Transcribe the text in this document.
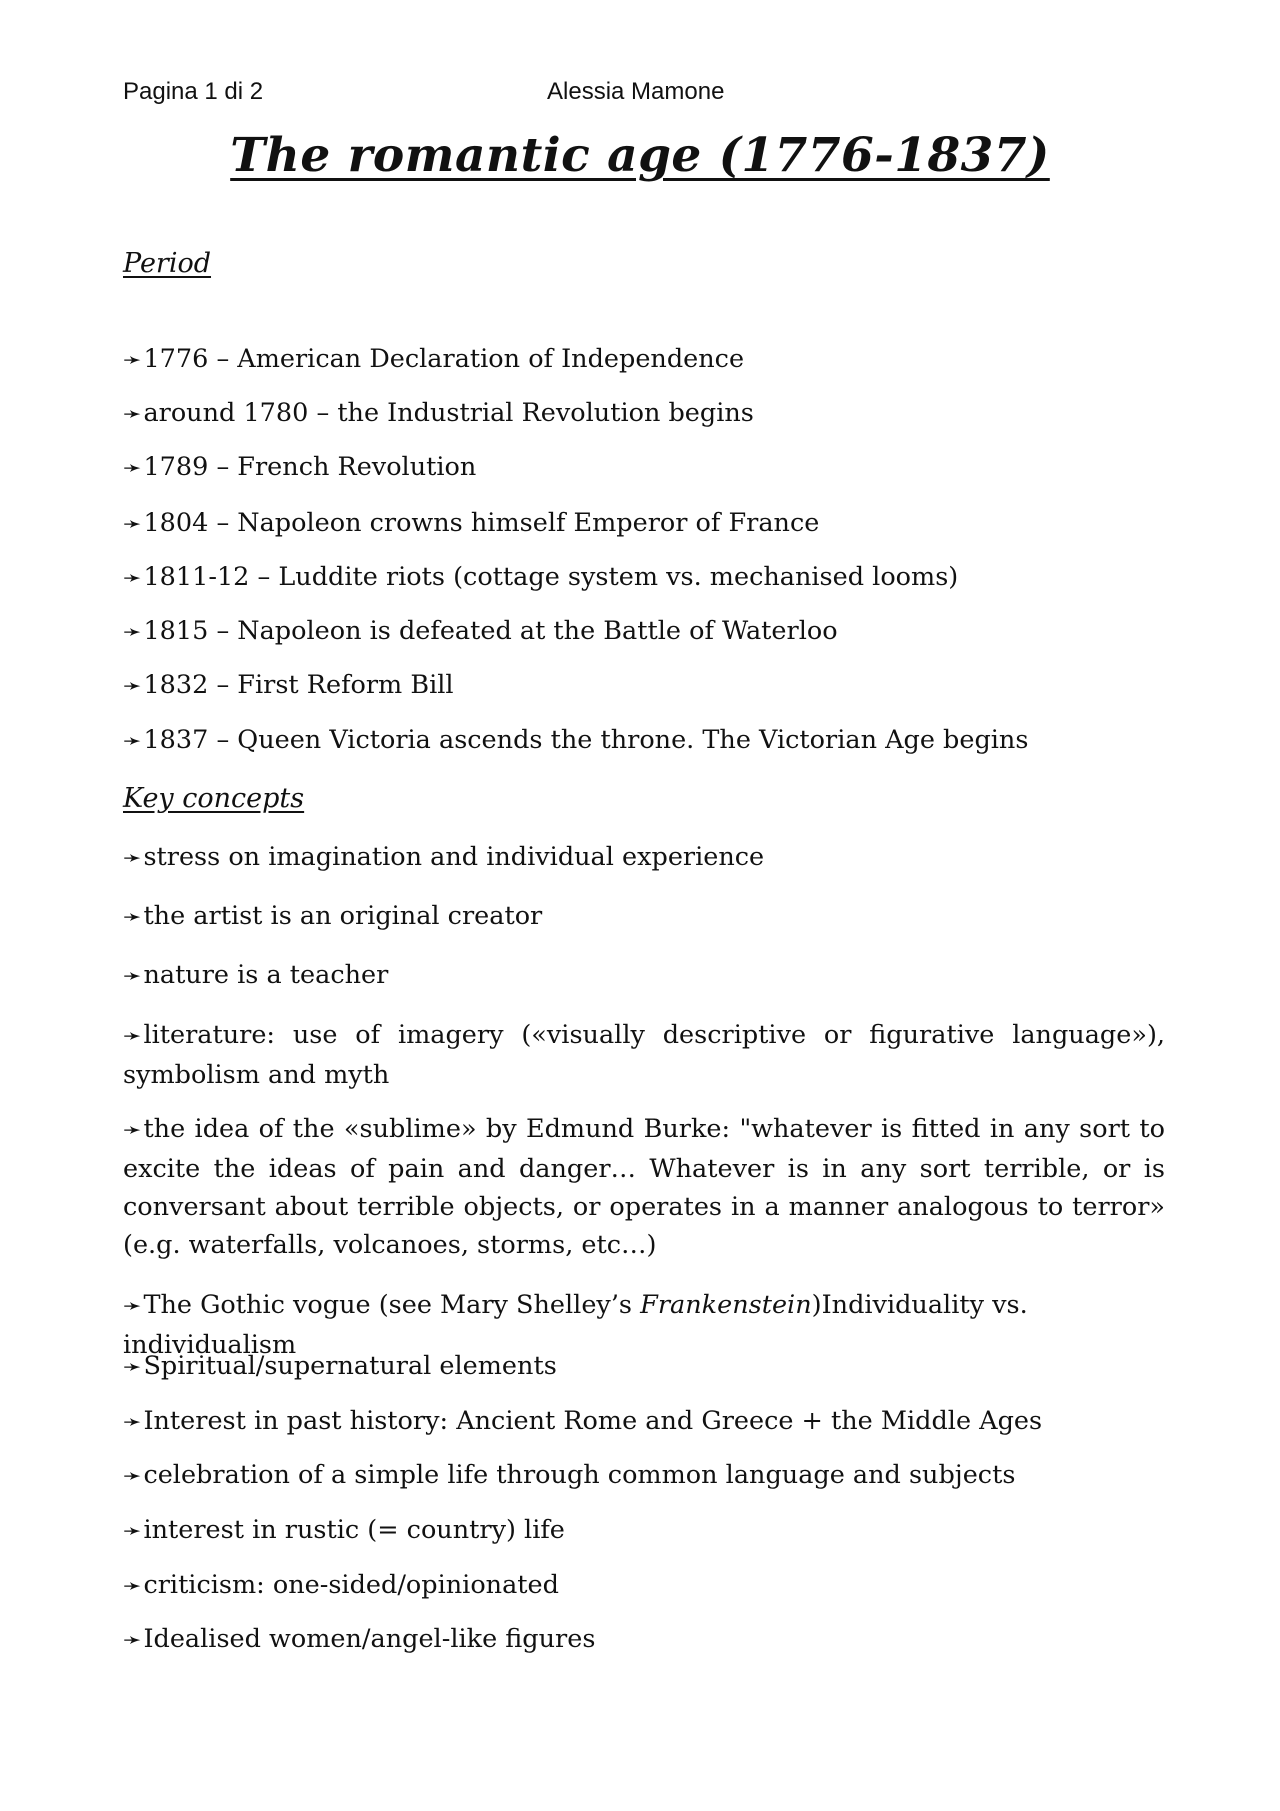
Pagina 1 di 2	Alessia Mamone
The romantic age (1776-1837)
Period
➛1776 – American Declaration of Independence
➛around 1780 – the Industrial Revolution begins
➛1789 – French Revolution
➛1804 – Napoleon crowns himself Emperor of France
➛1811-12 – Luddite riots (cottage system vs. mechanised looms)
➛1815 – Napoleon is defeated at the Battle of Waterloo
➛1832 – First Reform Bill
➛1837 – Queen Victoria ascends the throne. The Victorian Age begins
Key concepts
➛stress on imagination and individual experience
➛the artist is an original creator
➛nature is a teacher
➛literature: use of imagery («visually descriptive or figurative language»), symbolism and myth
➛the idea of the «sublime» by Edmund Burke: "whatever is fitted in any sort to excite the ideas of pain and danger… Whatever is in any sort terrible, or is conversant about terrible objects, or operates in a manner analogous to terror» (e.g. waterfalls, volcanoes, storms, etc…)
➛The Gothic vogue (see Mary Shelley’s Frankenstein)Individuality vs. individualism
➛Spiritual/supernatural elements
➛Interest in past history: Ancient Rome and Greece + the Middle Ages
➛celebration of a simple life through common language and subjects
➛interest in rustic (= country) life
➛criticism: one-sided/opinionated
➛Idealised women/angel-like figures
